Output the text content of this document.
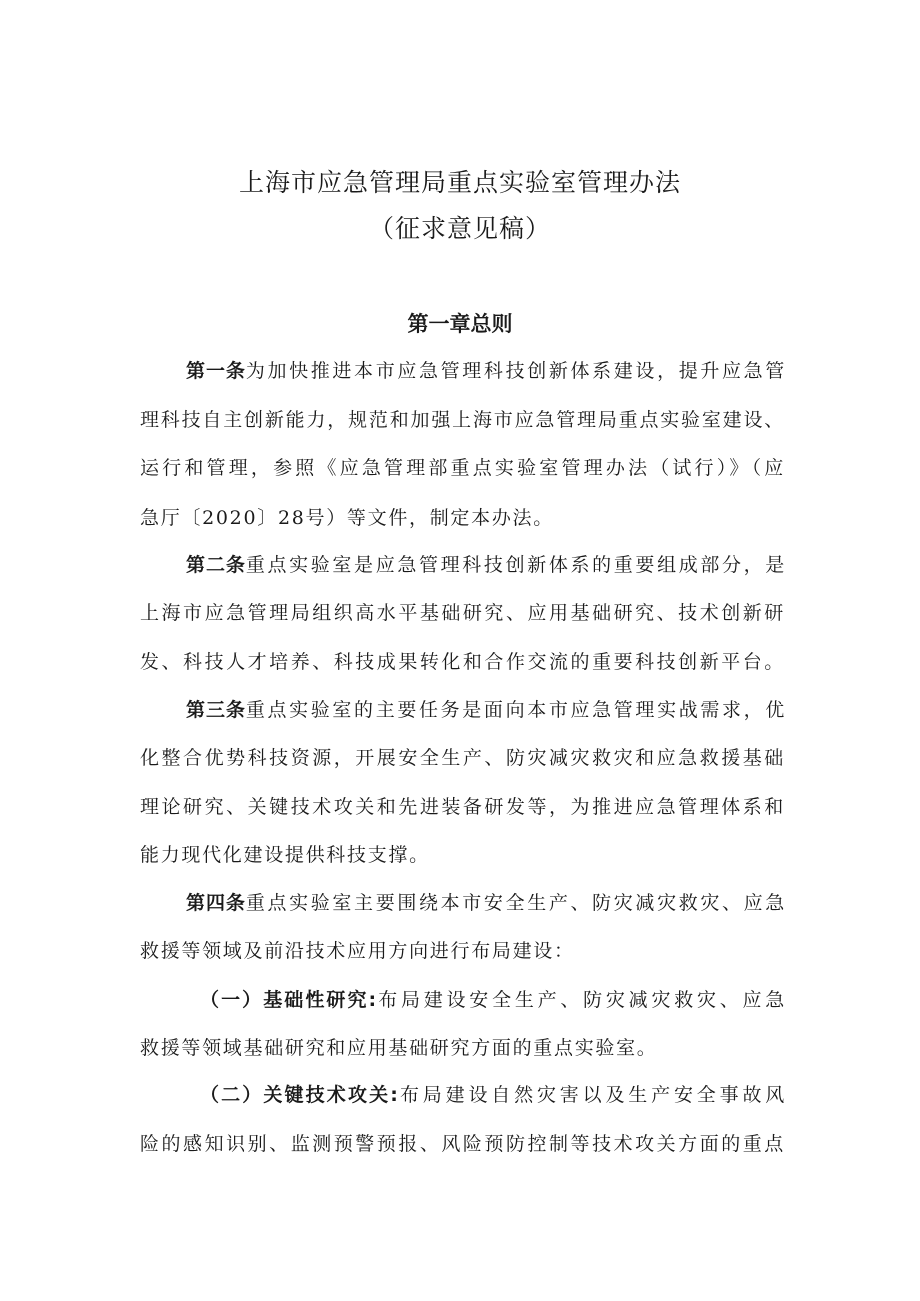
上海市应急管理局重点实验室管理办法
（征求意见稿）
第一章总则
第一条为加快推进本市应急管理科技创新体系建设，提升应急管
理科技自主创新能力，规范和加强上海市应急管理局重点实验室建设、
运行和管理，参照《应急管理部重点实验室管理办法（试行）》（应
急厅〔2020〕28号）等文件，制定本办法。
第二条重点实验室是应急管理科技创新体系的重要组成部分，是
上海市应急管理局组织高水平基础研究、应用基础研究、技术创新研
发、科技人才培养、科技成果转化和合作交流的重要科技创新平台。
第三条重点实验室的主要任务是面向本市应急管理实战需求，优
化整合优势科技资源，开展安全生产、防灾减灾救灾和应急救援基础
理论研究、关键技术攻关和先进装备研发等，为推进应急管理体系和
能力现代化建设提供科技支撑。
第四条重点实验室主要围绕本市安全生产、防灾减灾救灾、应急
救援等领域及前沿技术应用方向进行布局建设：
（一）基础性研究:布局建设安全生产、防灾减灾救灾、应急
救援等领域基础研究和应用基础研究方面的重点实验室。
（二）关键技术攻关:布局建设自然灾害以及生产安全事故风
险的感知识别、监测预警预报、风险预防控制等技术攻关方面的重点
